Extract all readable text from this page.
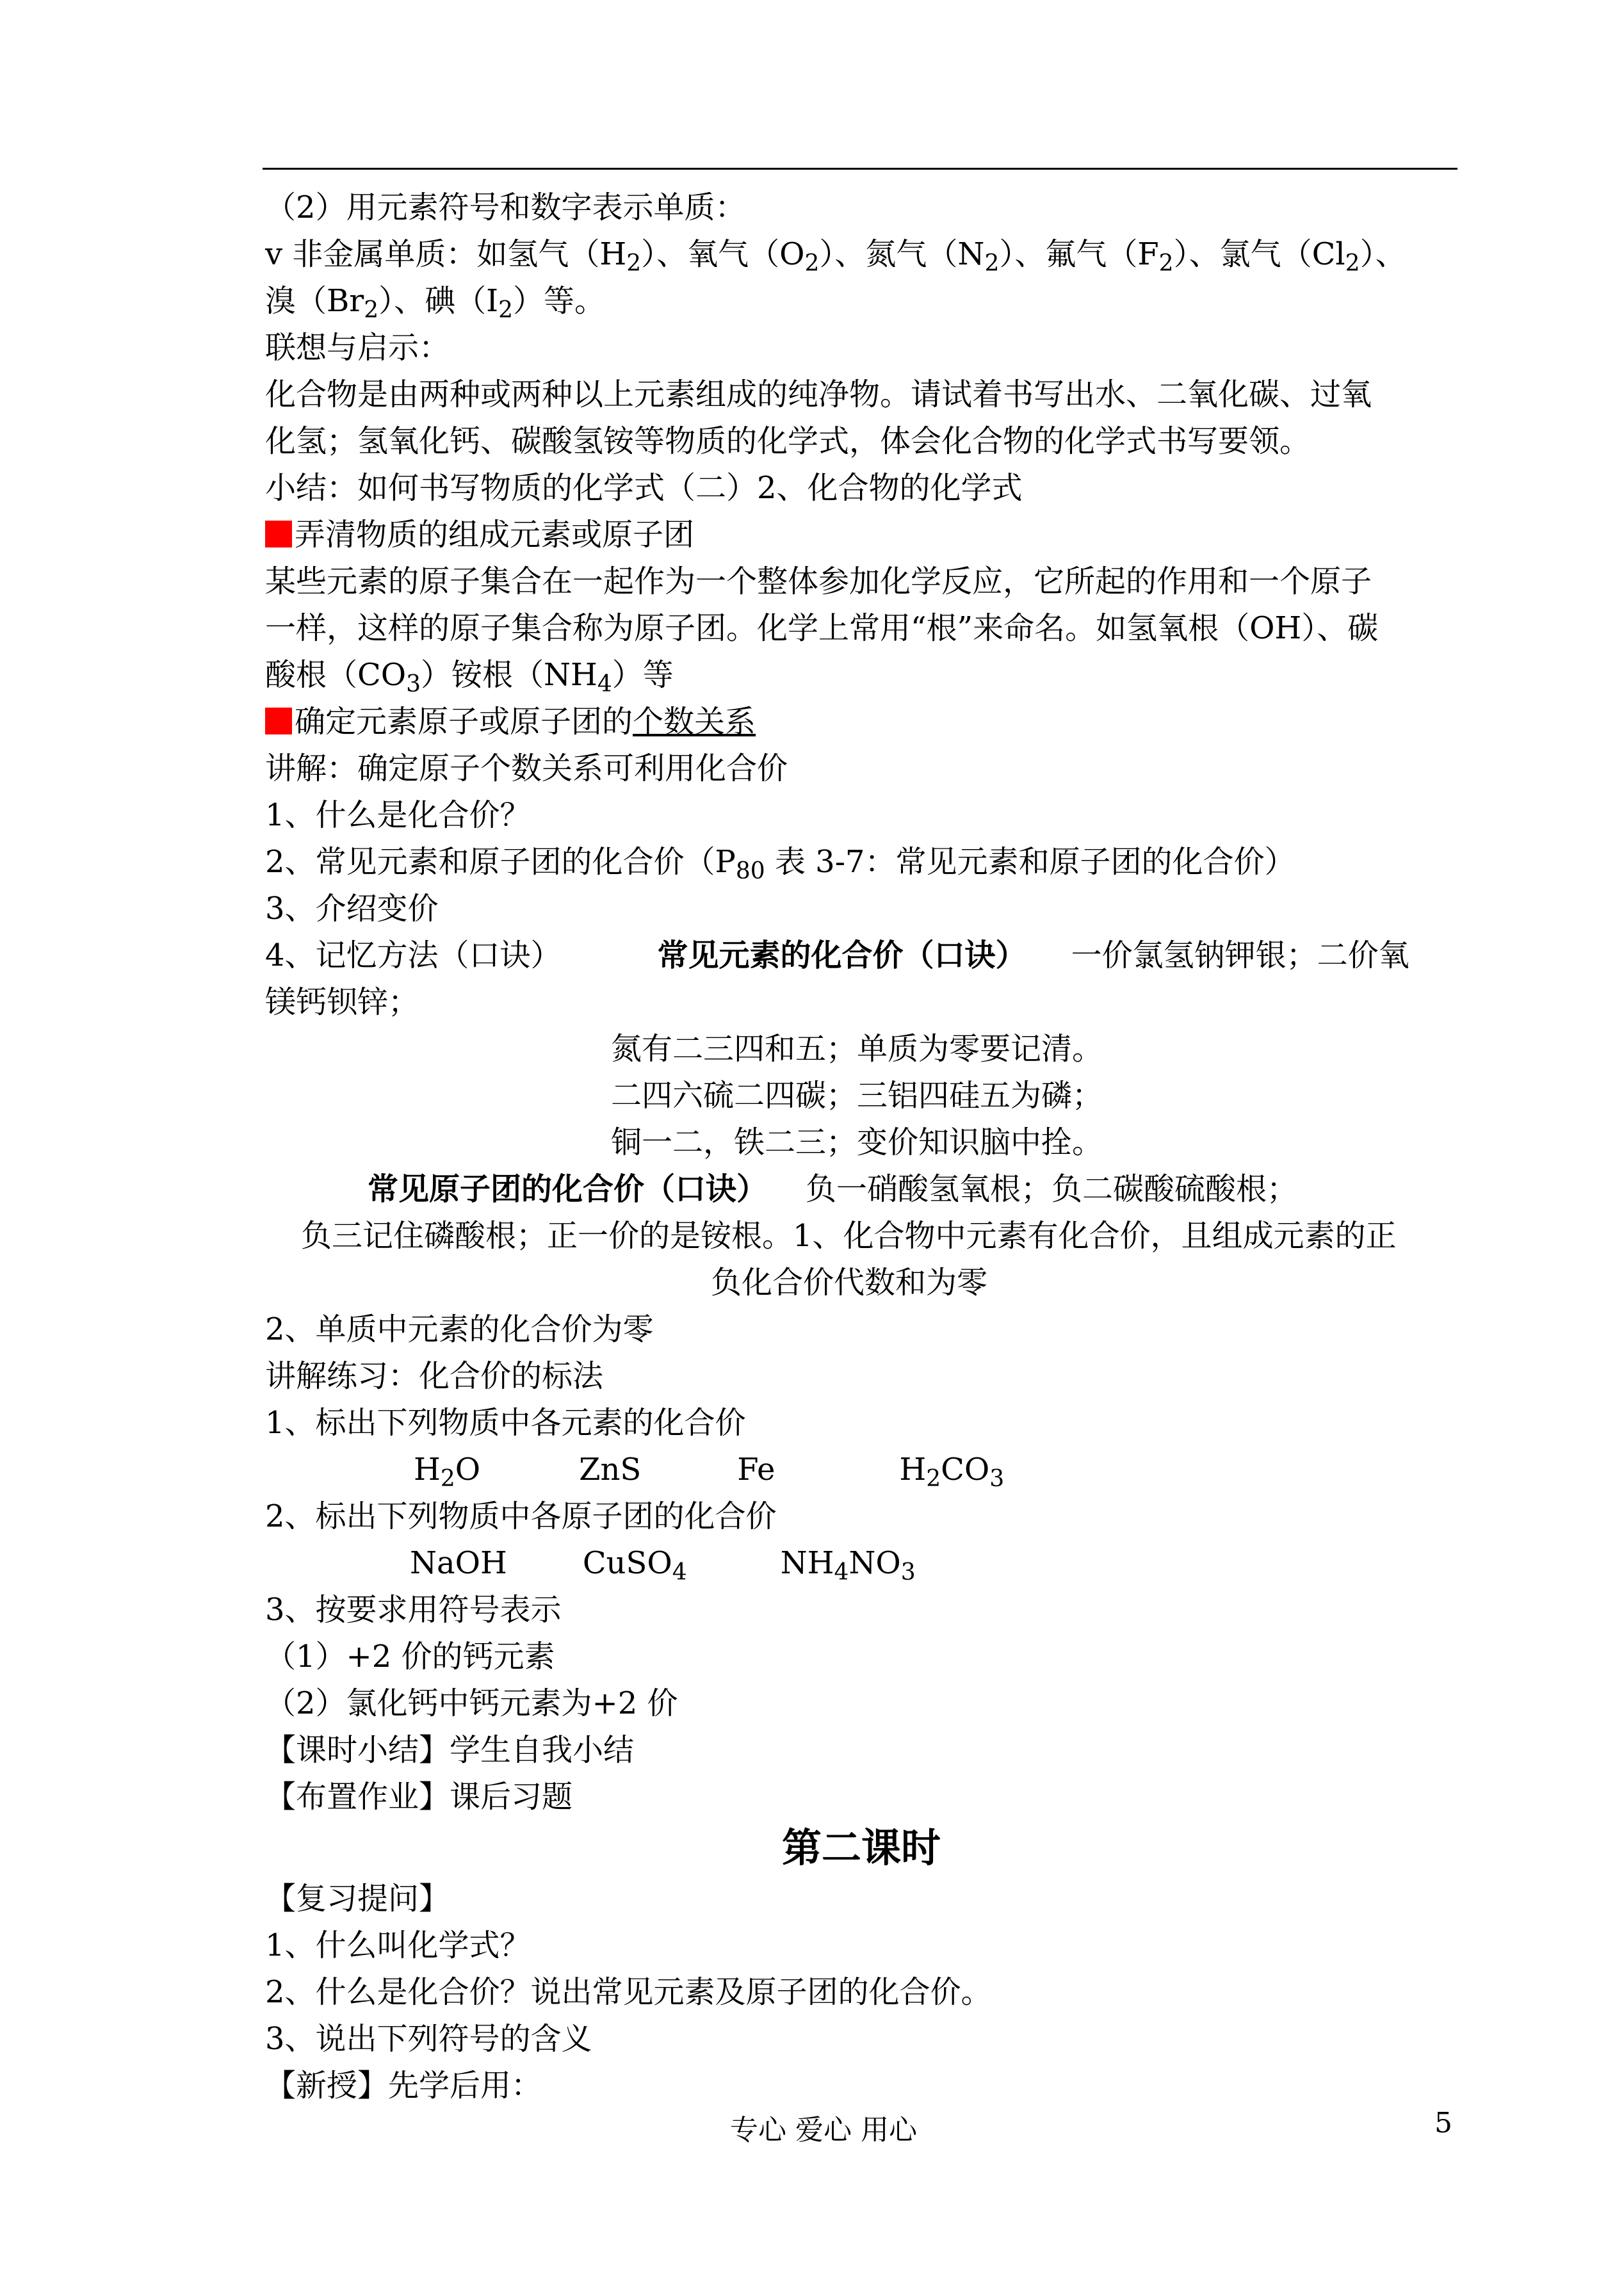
（2）用元素符号和数字表示单质：
v 非金属单质：如氢气$(H_2)$、氧气$(O_2)$、氮气$(N_2)$、氟气$(F_2)$、氯气$(Cl_2)$、
溴$(Br_2)$、碘$(I_2)$等。
联想与启示：
化合物是由两种或两种以上元素组成的纯净物。请试着书写出水、二氧化碳、过氧
化氢；氢氧化钙、碳酸氢铵等物质的化学式，体会化合物的化学式书写要领。
小结：如何书写物质的化学式（二）2、化合物的化学式
弄清物质的组成元素或原子团
某些元素的原子集合在一起作为一个整体参加化学反应，它所起的作用和一个原子
一样，这样的原子集合称为原子团。化学上常用“根”来命名。如氢氧根（OH）、碳
酸根$(CO_3)$铵根$(NH_4)$等
确定元素原子或原子团的个数关系
讲解：确定原子个数关系可利用化合价
1、什么是化合价？
2、常见元素和原子团的化合价（$P_{80}$ 表 3-7：常见元素和原子团的化合价）
3、介绍变价
4、记忆方法（口诀）	常见元素的化合价（口诀） 一价氯氢钠钾银；二价氧
镁钙钡锌；
氮有二三四和五；单质为零要记清。
二四六硫二四碳；三铝四硅五为磷；
铜一二，铁二三；变价知识脑中拴。
常见原子团的化合价（口诀） 负一硝酸氢氧根；负二碳酸硫酸根；
负三记住磷酸根；正一价的是铵根。1、化合物中元素有化合价，且组成元素的正
负化合价代数和为零
2、单质中元素的化合价为零
讲解练习：化合价的标法
1、标出下列物质中各元素的化合价
$H_2O$	ZnS	Fe	$H_2CO_3$
2、标出下列物质中各原子团的化合价
NaOH CuSO$_4$	$NH_4NO_3$
3、按要求用符号表示
（1）+2 价的钙元素
（2）氯化钙中钙元素为+2 价
【课时小结】学生自我小结
【布置作业】课后习题
第二课时
【复习提问】
1、什么叫化学式？
2、什么是化合价？说出常见元素及原子团的化合价。
3、说出下列符号的含义
【新授】先学后用：
专心 爱心 用心	5
